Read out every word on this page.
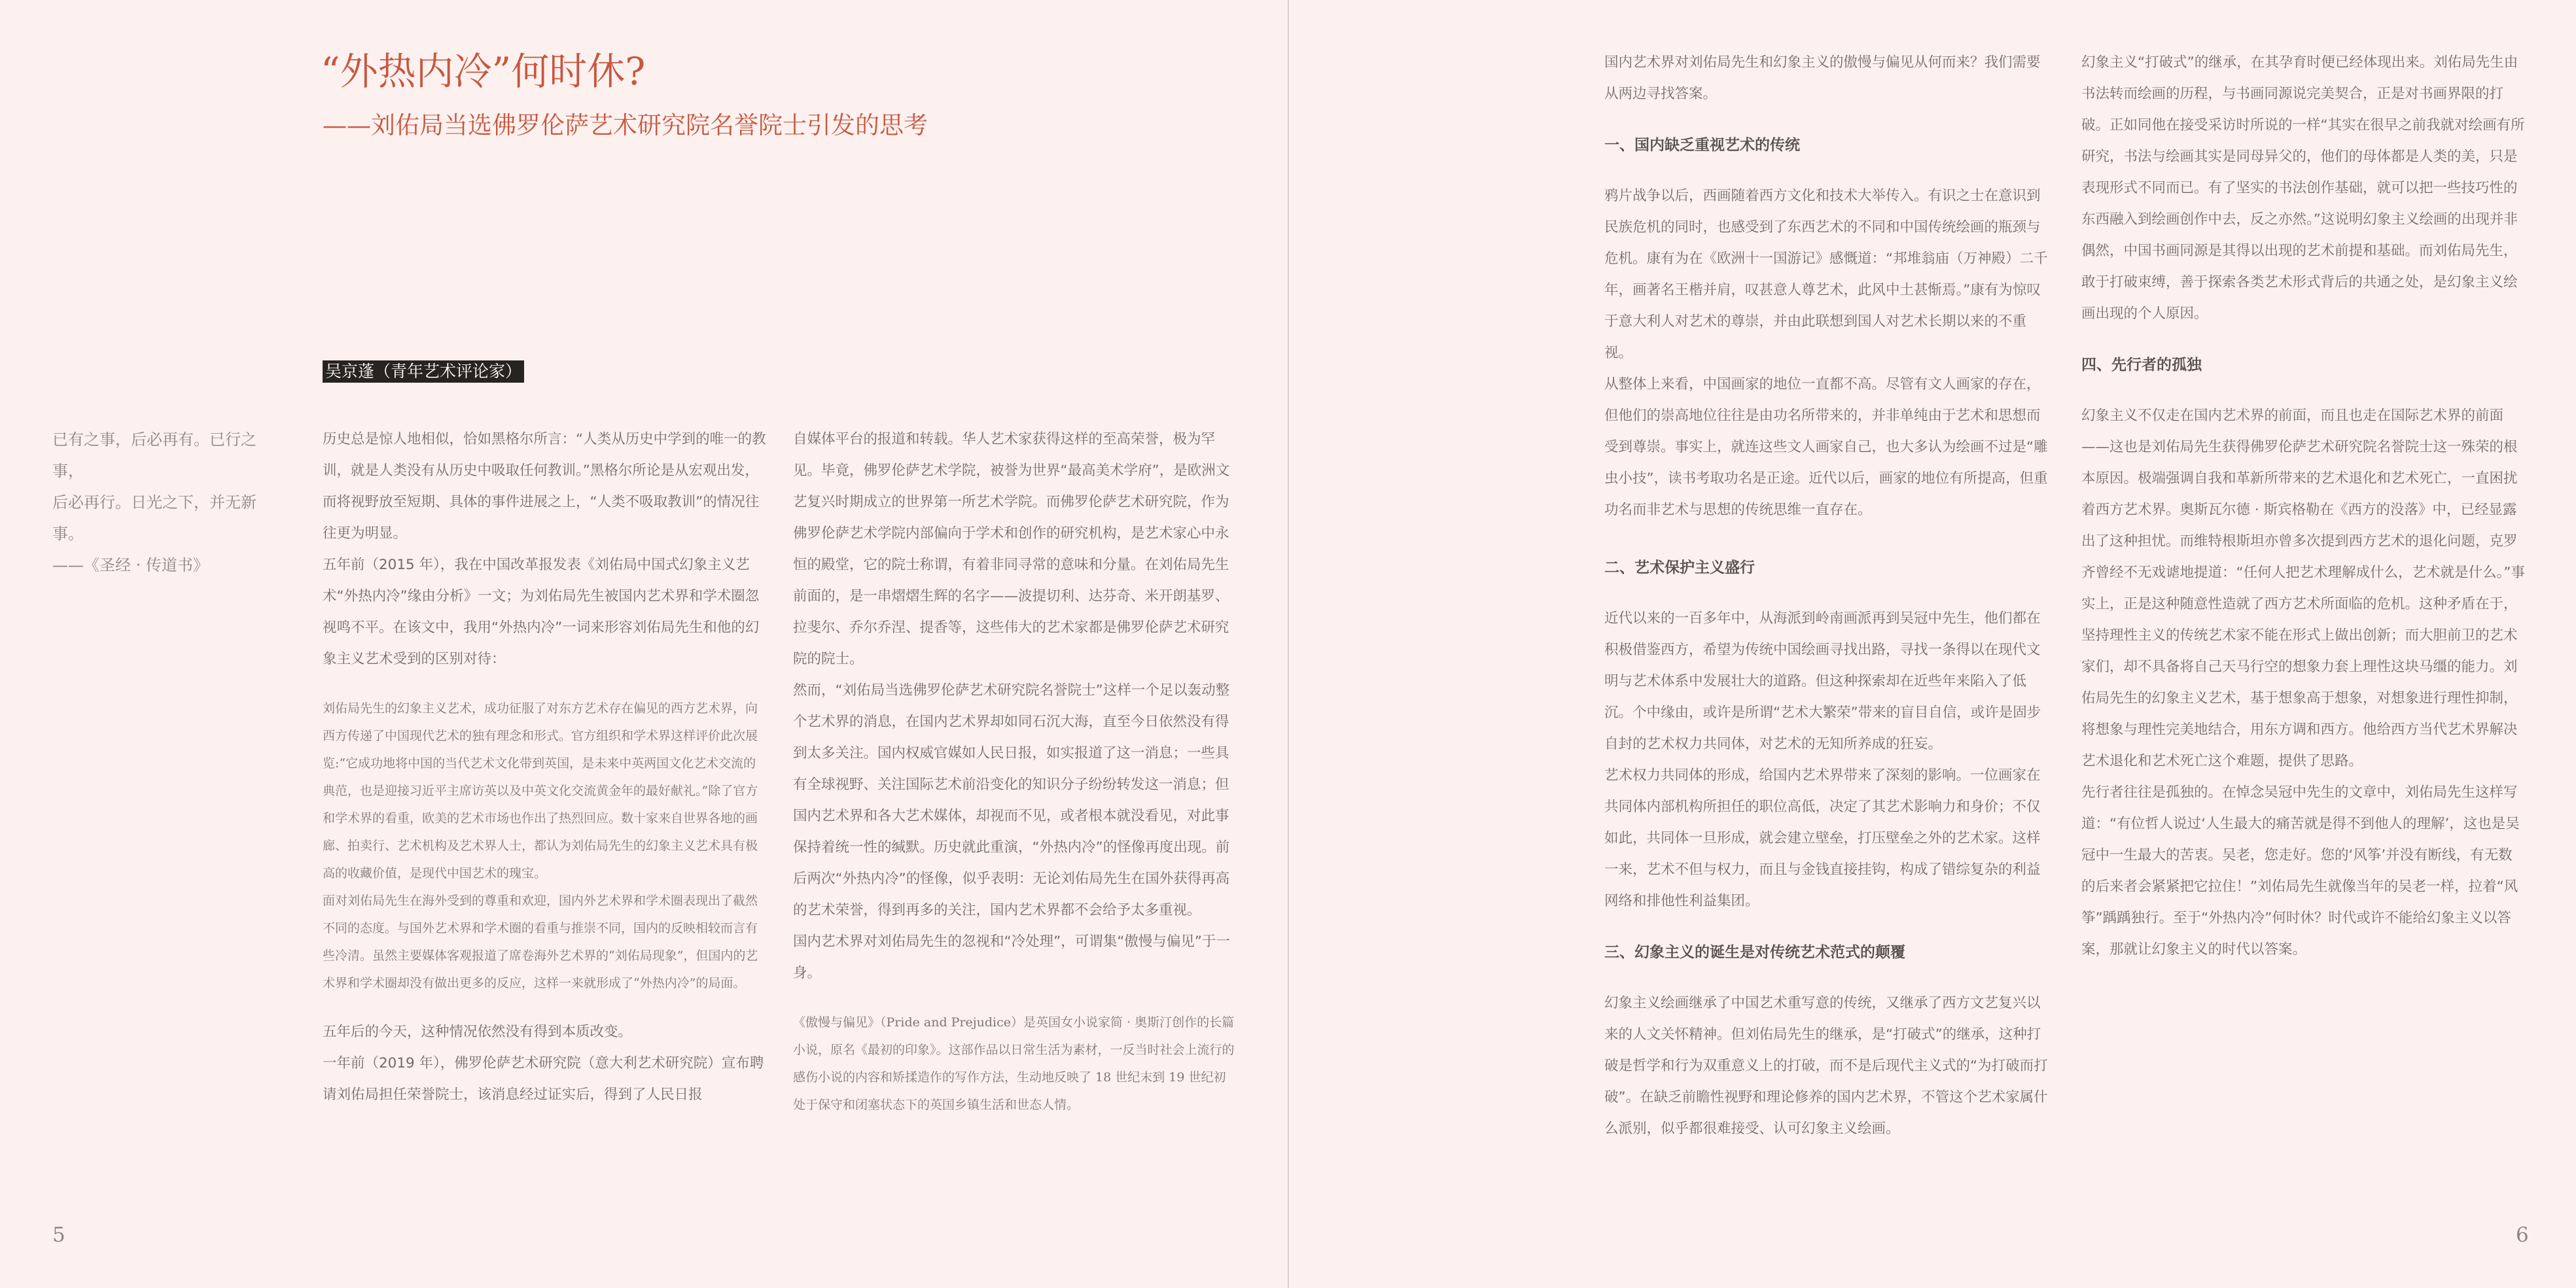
“外热内冷”何时休?
——刘佑局当选佛罗伦萨艺术研究院名誉院士引发的思考
吴京蓬（青年艺术评论家）

已有之事，后必再有。已行之事，

后必再行。日光之下，并无新事。

——《圣经 · 传道书》

历史总是惊人地相似，恰如黑格尔所言：“人类从历史中学到的唯一的教训，就是人类没有从历史中吸取任何教训。”黑格尔所论是从宏观出发，而将视野放至短期、具体的事件进展之上，“人类不吸取教训”的情况往往更为明显。

五年前（2015 年），我在中国改革报发表《刘佑局中国式幻象主义艺术“外热内冷”缘由分析》一文；为刘佑局先生被国内艺术界和学术圈忽视鸣不平。在该文中，我用“外热内冷”一词来形容刘佑局先生和他的幻象主义艺术受到的区别对待：

刘佑局先生的幻象主义艺术，成功征服了对东方艺术存在偏见的西方艺术界，向西方传递了中国现代艺术的独有理念和形式。官方组织和学术界这样评价此次展览:“它成功地将中国的当代艺术文化带到英国，是未来中英两国文化艺术交流的典范，也是迎接习近平主席访英以及中英文化交流黄金年的最好献礼。”除了官方和学术界的看重，欧美的艺术市场也作出了热烈回应。数十家来自世界各地的画廊、拍卖行、艺术机构及艺术界人士，都认为刘佑局先生的幻象主义艺术具有极高的收藏价值，是现代中国艺术的瑰宝。

面对刘佑局先生在海外受到的尊重和欢迎，国内外艺术界和学术圈表现出了截然不同的态度。与国外艺术界和学术圈的看重与推崇不同，国内的反映相较而言有些冷清。虽然主要媒体客观报道了席卷海外艺术界的“刘佑局现象”，但国内的艺术界和学术圈却没有做出更多的反应，这样一来就形成了“外热内冷”的局面。

五年后的今天，这种情况依然没有得到本质改变。

一年前（2019 年），佛罗伦萨艺术研究院（意大利艺术研究院）宣布聘请刘佑局担任荣誉院士，该消息经过证实后，得到了人民日报

自媒体平台的报道和转载。华人艺术家获得这样的至高荣誉，极为罕见。毕竟，佛罗伦萨艺术学院，被誉为世界“最高美术学府”，是欧洲文艺复兴时期成立的世界第一所艺术学院。而佛罗伦萨艺术研究院，作为佛罗伦萨艺术学院内部偏向于学术和创作的研究机构，是艺术家心中永恒的殿堂，它的院士称谓，有着非同寻常的意味和分量。在刘佑局先生前面的，是一串熠熠生辉的名字——波提切利、达芬奇、米开朗基罗、拉斐尔、乔尔乔涅、提香等，这些伟大的艺术家都是佛罗伦萨艺术研究院的院士。

然而，“刘佑局当选佛罗伦萨艺术研究院名誉院士”这样一个足以轰动整个艺术界的消息，在国内艺术界却如同石沉大海，直至今日依然没有得到太多关注。国内权威官媒如人民日报，如实报道了这一消息；一些具有全球视野、关注国际艺术前沿变化的知识分子纷纷转发这一消息；但国内艺术界和各大艺术媒体，却视而不见，或者根本就没看见，对此事保持着统一性的缄默。历史就此重演，“外热内冷”的怪像再度出现。前后两次“外热内冷”的怪像，似乎表明：无论刘佑局先生在国外获得再高的艺术荣誉，得到再多的关注，国内艺术界都不会给予太多重视。

国内艺术界对刘佑局先生的忽视和“冷处理”，可谓集“傲慢与偏见”于一身。

《傲慢与偏见》（Pride and Prejudice）是英国女小说家简 · 奥斯汀创作的长篇小说，原名《最初的印象》。这部作品以日常生活为素材，一反当时社会上流行的感伤小说的内容和矫揉造作的写作方法，生动地反映了 18 世纪末到 19 世纪初处于保守和闭塞状态下的英国乡镇生活和世态人情。

5

国内艺术界对刘佑局先生和幻象主义的傲慢与偏见从何而来？我们需要从两边寻找答案。

一、国内缺乏重视艺术的传统

鸦片战争以后，西画随着西方文化和技术大举传入。有识之士在意识到民族危机的同时，也感受到了东西艺术的不同和中国传统绘画的瓶颈与危机。康有为在《欧洲十一国游记》感慨道：“邦堆翁庙（万神殿）二千年，画著名王楷并肩，叹甚意人尊艺术，此风中土甚惭焉。”康有为惊叹于意大利人对艺术的尊崇，并由此联想到国人对艺术长期以来的不重视。

从整体上来看，中国画家的地位一直都不高。尽管有文人画家的存在，但他们的崇高地位往往是由功名所带来的，并非单纯由于艺术和思想而受到尊崇。事实上，就连这些文人画家自己，也大多认为绘画不过是“雕虫小技”，读书考取功名是正途。近代以后，画家的地位有所提高，但重功名而非艺术与思想的传统思维一直存在。

二、艺术保护主义盛行

近代以来的一百多年中，从海派到岭南画派再到吴冠中先生，他们都在积极借鉴西方，希望为传统中国绘画寻找出路，寻找一条得以在现代文明与艺术体系中发展壮大的道路。但这种探索却在近些年来陷入了低沉。个中缘由，或许是所谓“艺术大繁荣”带来的盲目自信，或许是固步自封的艺术权力共同体，对艺术的无知所养成的狂妄。

艺术权力共同体的形成，给国内艺术界带来了深刻的影响。一位画家在共同体内部机构所担任的职位高低，决定了其艺术影响力和身价；不仅如此，共同体一旦形成，就会建立壁垒，打压壁垒之外的艺术家。这样一来，艺术不但与权力，而且与金钱直接挂钩，构成了错综复杂的利益网络和排他性利益集团。

三、幻象主义的诞生是对传统艺术范式的颠覆

幻象主义绘画继承了中国艺术重写意的传统，又继承了西方文艺复兴以来的人文关怀精神。但刘佑局先生的继承，是“打破式”的继承，这种打破是哲学和行为双重意义上的打破，而不是后现代主义式的“为打破而打破”。在缺乏前瞻性视野和理论修养的国内艺术界，不管这个艺术家属什么派别，似乎都很难接受、认可幻象主义绘画。

幻象主义“打破式”的继承，在其孕育时便已经体现出来。刘佑局先生由书法转而绘画的历程，与书画同源说完美契合，正是对书画界限的打破。正如同他在接受采访时所说的一样“其实在很早之前我就对绘画有所研究，书法与绘画其实是同母异父的，他们的母体都是人类的美，只是表现形式不同而已。有了坚实的书法创作基础，就可以把一些技巧性的东西融入到绘画创作中去，反之亦然。”这说明幻象主义绘画的出现并非偶然，中国书画同源是其得以出现的艺术前提和基础。而刘佑局先生，敢于打破束缚，善于探索各类艺术形式背后的共通之处，是幻象主义绘画出现的个人原因。

四、先行者的孤独

幻象主义不仅走在国内艺术界的前面，而且也走在国际艺术界的前面——这也是刘佑局先生获得佛罗伦萨艺术研究院名誉院士这一殊荣的根本原因。极端强调自我和革新所带来的艺术退化和艺术死亡，一直困扰着西方艺术界。奥斯瓦尔德 · 斯宾格勒在《西方的没落》中，已经显露出了这种担忧。而维特根斯坦亦曾多次提到西方艺术的退化问题，克罗齐曾经不无戏谑地提道：“任何人把艺术理解成什么，艺术就是什么。”事实上，正是这种随意性造就了西方艺术所面临的危机。这种矛盾在于，坚持理性主义的传统艺术家不能在形式上做出创新；而大胆前卫的艺术家们，却不具备将自己天马行空的想象力套上理性这块马缰的能力。刘佑局先生的幻象主义艺术，基于想象高于想象，对想象进行理性抑制，将想象与理性完美地结合，用东方调和西方。他给西方当代艺术界解决艺术退化和艺术死亡这个难题，提供了思路。

先行者往往是孤独的。在悼念吴冠中先生的文章中，刘佑局先生这样写道：“有位哲人说过‘人生最大的痛苦就是得不到他人的理解’，这也是吴冠中一生最大的苦衷。吴老，您走好。您的‘风筝’并没有断线，有无数的后来者会紧紧把它拉住！”刘佑局先生就像当年的吴老一样，拉着“风筝”踽踽独行。至于“外热内冷”何时休？时代或许不能给幻象主义以答案，那就让幻象主义的时代以答案。

6
